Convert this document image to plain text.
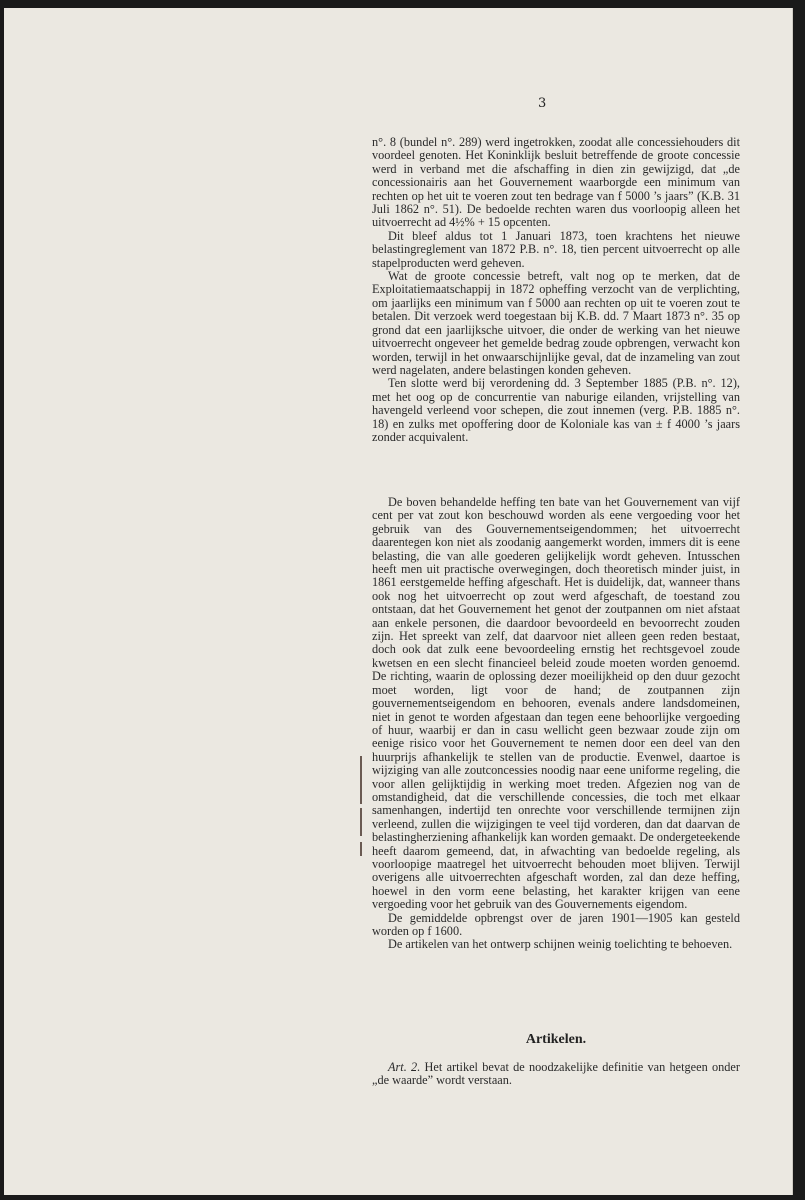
3

n°. 8 (bundel n°. 289) werd ingetrokken, zoodat alle concessiehouders dit voordeel genoten. Het Koninklijk besluit betreffende de groote concessie werd in verband met die afschaffing in dien zin gewijzigd, dat „de concessionairis aan het Gouvernement waarborgde een minimum van rechten op het uit te voeren zout ten bedrage van f 5000 ’s jaars” (K.B. 31 Juli 1862 n°. 51). De bedoelde rechten waren dus voorloopig alleen het uitvoerrecht ad 4½% + 15 opcenten.

Dit bleef aldus tot 1 Januari 1873, toen krachtens het nieuwe belastingreglement van 1872 P.B. n°. 18, tien percent uitvoerrecht op alle stapelproducten werd geheven.

Wat de groote concessie betreft, valt nog op te merken, dat de Exploitatiemaatschappij in 1872 opheffing verzocht van de verplichting, om jaarlijks een minimum van f 5000 aan rechten op uit te voeren zout te betalen. Dit verzoek werd toegestaan bij K.B. dd. 7 Maart 1873 n°. 35 op grond dat een jaarlijksche uitvoer, die onder de werking van het nieuwe uitvoerrecht ongeveer het gemelde bedrag zoude opbrengen, verwacht kon worden, terwijl in het onwaarschijnlijke geval, dat de inzameling van zout werd nagelaten, andere belastingen konden geheven.

Ten slotte werd bij verordening dd. 3 September 1885 (P.B. n°. 12), met het oog op de concurrentie van naburige eilanden, vrijstelling van havengeld verleend voor schepen, die zout innemen (verg. P.B. 1885 n°. 18) en zulks met opoffering door de Koloniale kas van ± f 4000 ’s jaars zonder acquivalent.

De boven behandelde heffing ten bate van het Gouvernement van vijf cent per vat zout kon beschouwd worden als eene vergoeding voor het gebruik van des Gouvernementseigendommen; het uitvoerrecht daarentegen kon niet als zoodanig aangemerkt worden, immers dit is eene belasting, die van alle goederen gelijkelijk wordt geheven. Intusschen heeft men uit practische overwegingen, doch theoretisch minder juist, in 1861 eerstgemelde heffing afgeschaft. Het is duidelijk, dat, wanneer thans ook nog het uitvoerrecht op zout werd afgeschaft, de toestand zou ontstaan, dat het Gouvernement het genot der zoutpannen om niet afstaat aan enkele personen, die daardoor bevoordeeld en bevoorrecht zouden zijn. Het spreekt van zelf, dat daarvoor niet alleen geen reden bestaat, doch ook dat zulk eene bevoordeeling ernstig het rechtsgevoel zoude kwetsen en een slecht financieel beleid zoude moeten worden genoemd. De richting, waarin de oplossing dezer moeilijkheid op den duur gezocht moet worden, ligt voor de hand; de zoutpannen zijn gouvernementseigendom en behooren, evenals andere landsdomeinen, niet in genot te worden afgestaan dan tegen eene behoorlijke vergoeding of huur, waarbij er dan in casu wellicht geen bezwaar zoude zijn om eenige risico voor het Gouvernement te nemen door een deel van den huurprijs afhankelijk te stellen van de productie. Evenwel, daartoe is wijziging van alle zoutconcessies noodig naar eene uniforme regeling, die voor allen gelijktijdig in werking moet treden. Afgezien nog van de omstandigheid, dat die verschillende concessies, die toch met elkaar samenhangen, indertijd ten onrechte voor verschillende termijnen zijn verleend, zullen die wijzigingen te veel tijd vorderen, dan dat daarvan de belastingherziening afhankelijk kan worden gemaakt. De ondergeteekende heeft daarom gemeend, dat, in afwachting van bedoelde regeling, als voorloopige maatregel het uitvoerrecht behouden moet blijven. Terwijl overigens alle uitvoerrechten afgeschaft worden, zal dan deze heffing, hoewel in den vorm eene belasting, het karakter krijgen van eene vergoeding voor het gebruik van des Gouvernements eigendom.

De gemiddelde opbrengst over de jaren 1901—1905 kan gesteld worden op f 1600.

De artikelen van het ontwerp schijnen weinig toelichting te behoeven.

Artikelen.

Art. 2. Het artikel bevat de noodzakelijke definitie van hetgeen onder „de waarde” wordt verstaan.
